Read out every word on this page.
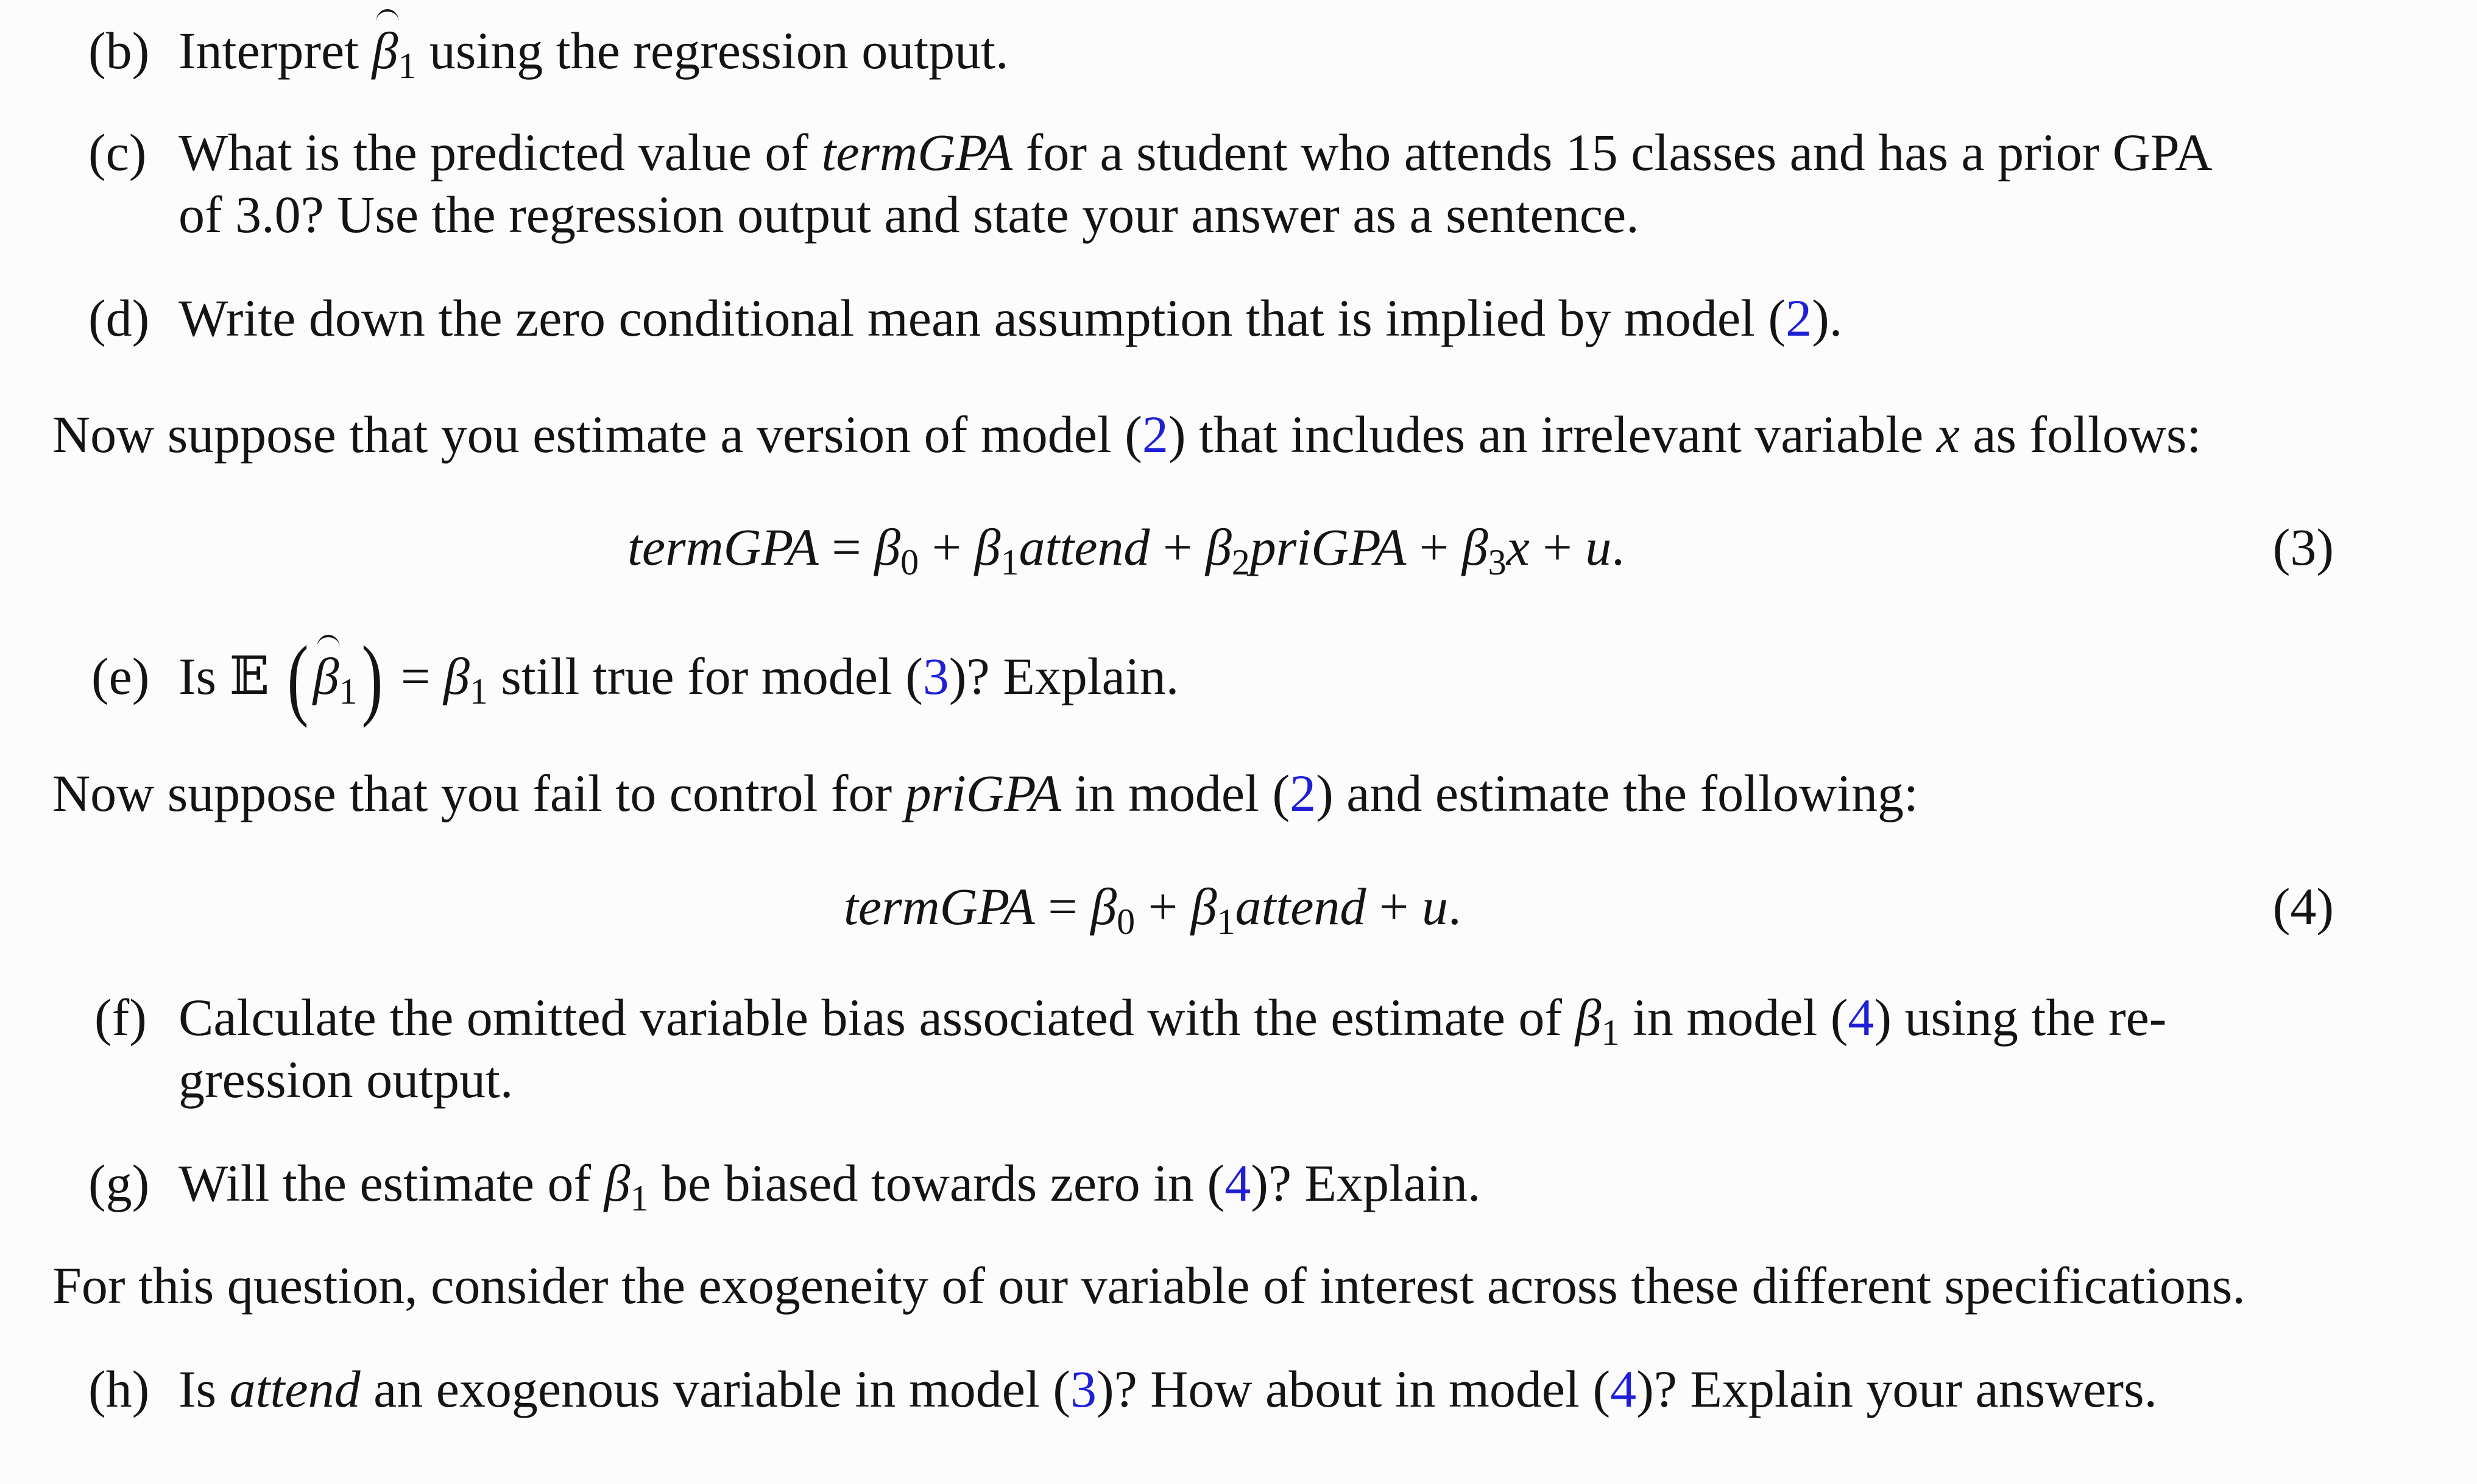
(b) Interpret $\beta_1$ using the regression output.
(c) What is the predicted value of termGPA for a student who attends 15 classes and has a prior GPA
of 3.0? Use the regression output and state your answer as a sentence.
(d) Write down the zero conditional mean assumption that is implied by model (2).
Now suppose that you estimate a version of model (2) that includes an irrelevant variable x as follows:
termGPA = $\beta_0$ + $\beta_1attend$ + $\beta_2priGPA + \beta_3x + u$.	(3)
(e) Is 𝔼 $(\beta_1) = \beta_1$ still true for model (3)? Explain.
Now suppose that you fail to control for priGPA in model (2) and estimate the following:
termGPA = $\beta_0$ + $\beta_1attend + u$.	(4)
(f) Calculate the omitted variable bias associated with the estimate of $\beta_1$ in model (4) using the re-
gression output.
(g) Will the estimate of $\beta_1$ be biased towards zero in (4)? Explain.
For this question, consider the exogeneity of our variable of interest across these different specifications.
(h) Is attend an exogenous variable in model (3)? How about in model (4)? Explain your answers.
